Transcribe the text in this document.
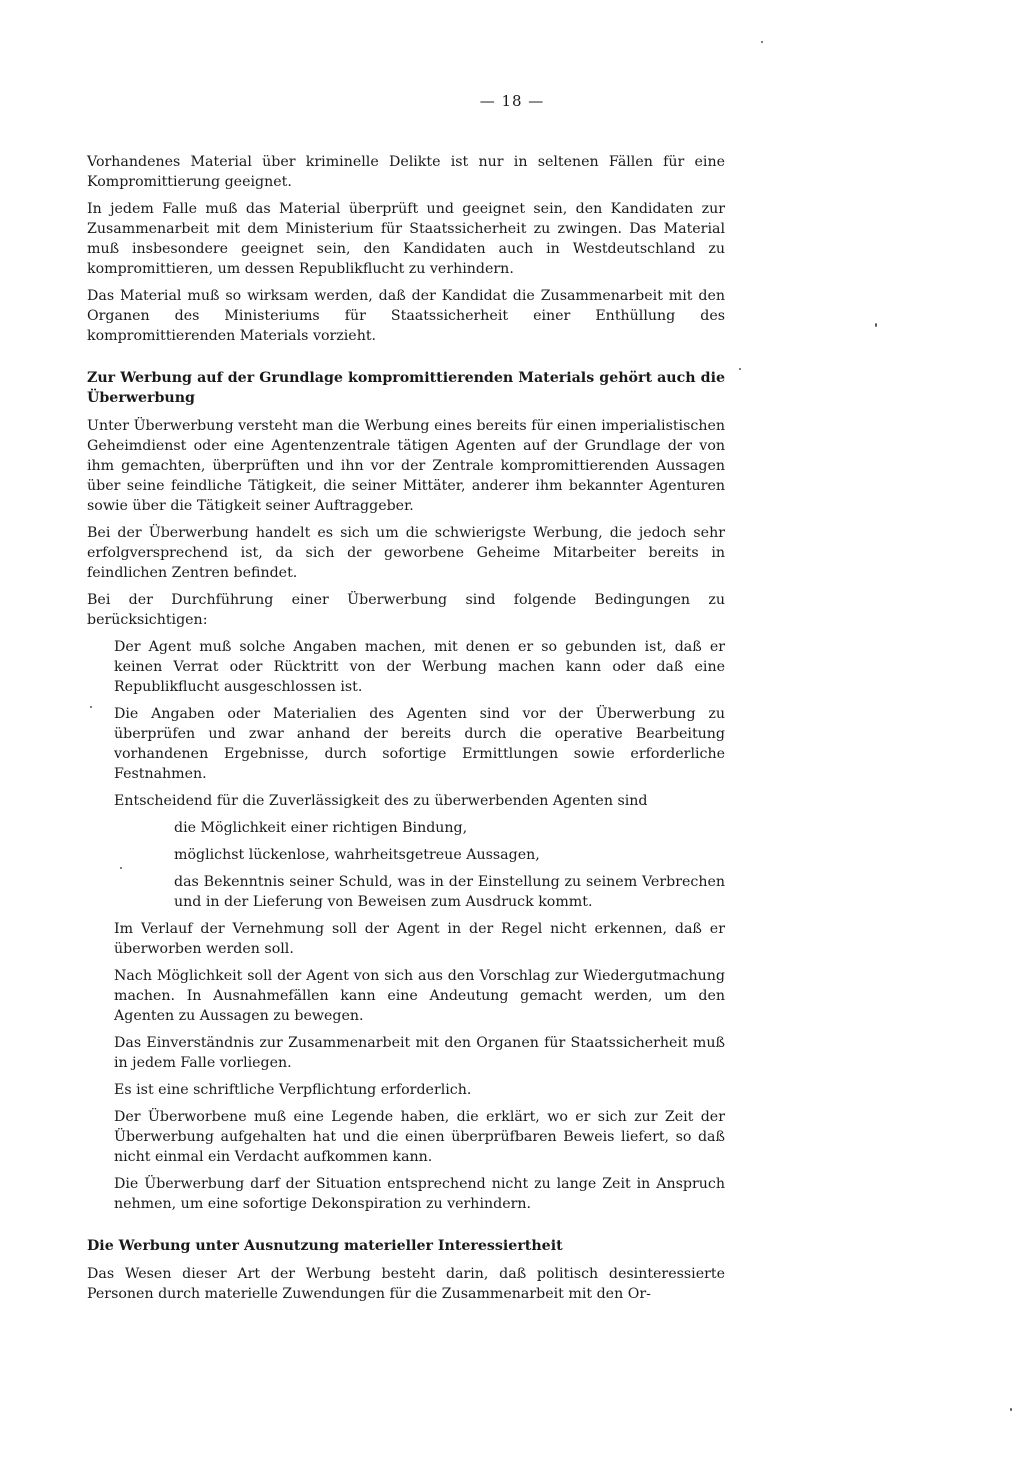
— 18 —

Vorhandenes Material über kriminelle Delikte ist nur in seltenen Fällen für eine Kompromittierung geeignet.

In jedem Falle muß das Material überprüft und geeignet sein, den Kandidaten zur Zusammenarbeit mit dem Ministerium für Staatssicherheit zu zwingen. Das Material muß insbesondere geeignet sein, den Kandidaten auch in Westdeutschland zu kompromittieren, um dessen Republikflucht zu verhindern.

Das Material muß so wirksam werden, daß der Kandidat die Zusammenarbeit mit den Organen des Ministeriums für Staatssicherheit einer Enthüllung des kompromittierenden Materials vorzieht.

Zur Werbung auf der Grundlage kompromittierenden Materials gehört auch die Überwerbung

Unter Überwerbung versteht man die Werbung eines bereits für einen imperialistischen Geheimdienst oder eine Agentenzentrale tätigen Agenten auf der Grundlage der von ihm gemachten, überprüften und ihn vor der Zentrale kompromittierenden Aussagen über seine feindliche Tätigkeit, die seiner Mittäter, anderer ihm bekannter Agenturen sowie über die Tätigkeit seiner Auftraggeber.

Bei der Überwerbung handelt es sich um die schwierigste Werbung, die jedoch sehr erfolgversprechend ist, da sich der geworbene Geheime Mitarbeiter bereits in feindlichen Zentren befindet.

Bei der Durchführung einer Überwerbung sind folgende Bedingungen zu berücksichtigen:

Der Agent muß solche Angaben machen, mit denen er so gebunden ist, daß er keinen Verrat oder Rücktritt von der Werbung machen kann oder daß eine Republikflucht ausgeschlossen ist.

Die Angaben oder Materialien des Agenten sind vor der Überwerbung zu überprüfen und zwar anhand der bereits durch die operative Bearbeitung vorhandenen Ergebnisse, durch sofortige Ermittlungen sowie erforderliche Festnahmen.

Entscheidend für die Zuverlässigkeit des zu überwerbenden Agenten sind

die Möglichkeit einer richtigen Bindung,

möglichst lückenlose, wahrheitsgetreue Aussagen,

das Bekenntnis seiner Schuld, was in der Einstellung zu seinem Verbrechen und in der Lieferung von Beweisen zum Ausdruck kommt.

Im Verlauf der Vernehmung soll der Agent in der Regel nicht erkennen, daß er überworben werden soll.

Nach Möglichkeit soll der Agent von sich aus den Vorschlag zur Wiedergutmachung machen. In Ausnahmefällen kann eine Andeutung gemacht werden, um den Agenten zu Aussagen zu bewegen.

Das Einverständnis zur Zusammenarbeit mit den Organen für Staatssicherheit muß in jedem Falle vorliegen.

Es ist eine schriftliche Verpflichtung erforderlich.

Der Überworbene muß eine Legende haben, die erklärt, wo er sich zur Zeit der Überwerbung aufgehalten hat und die einen überprüfbaren Beweis liefert, so daß nicht einmal ein Verdacht aufkommen kann.

Die Überwerbung darf der Situation entsprechend nicht zu lange Zeit in Anspruch nehmen, um eine sofortige Dekonspiration zu verhindern.

Die Werbung unter Ausnutzung materieller Interessiertheit

Das Wesen dieser Art der Werbung besteht darin, daß politisch desinteressierte Personen durch materielle Zuwendungen für die Zusammenarbeit mit den Or-
